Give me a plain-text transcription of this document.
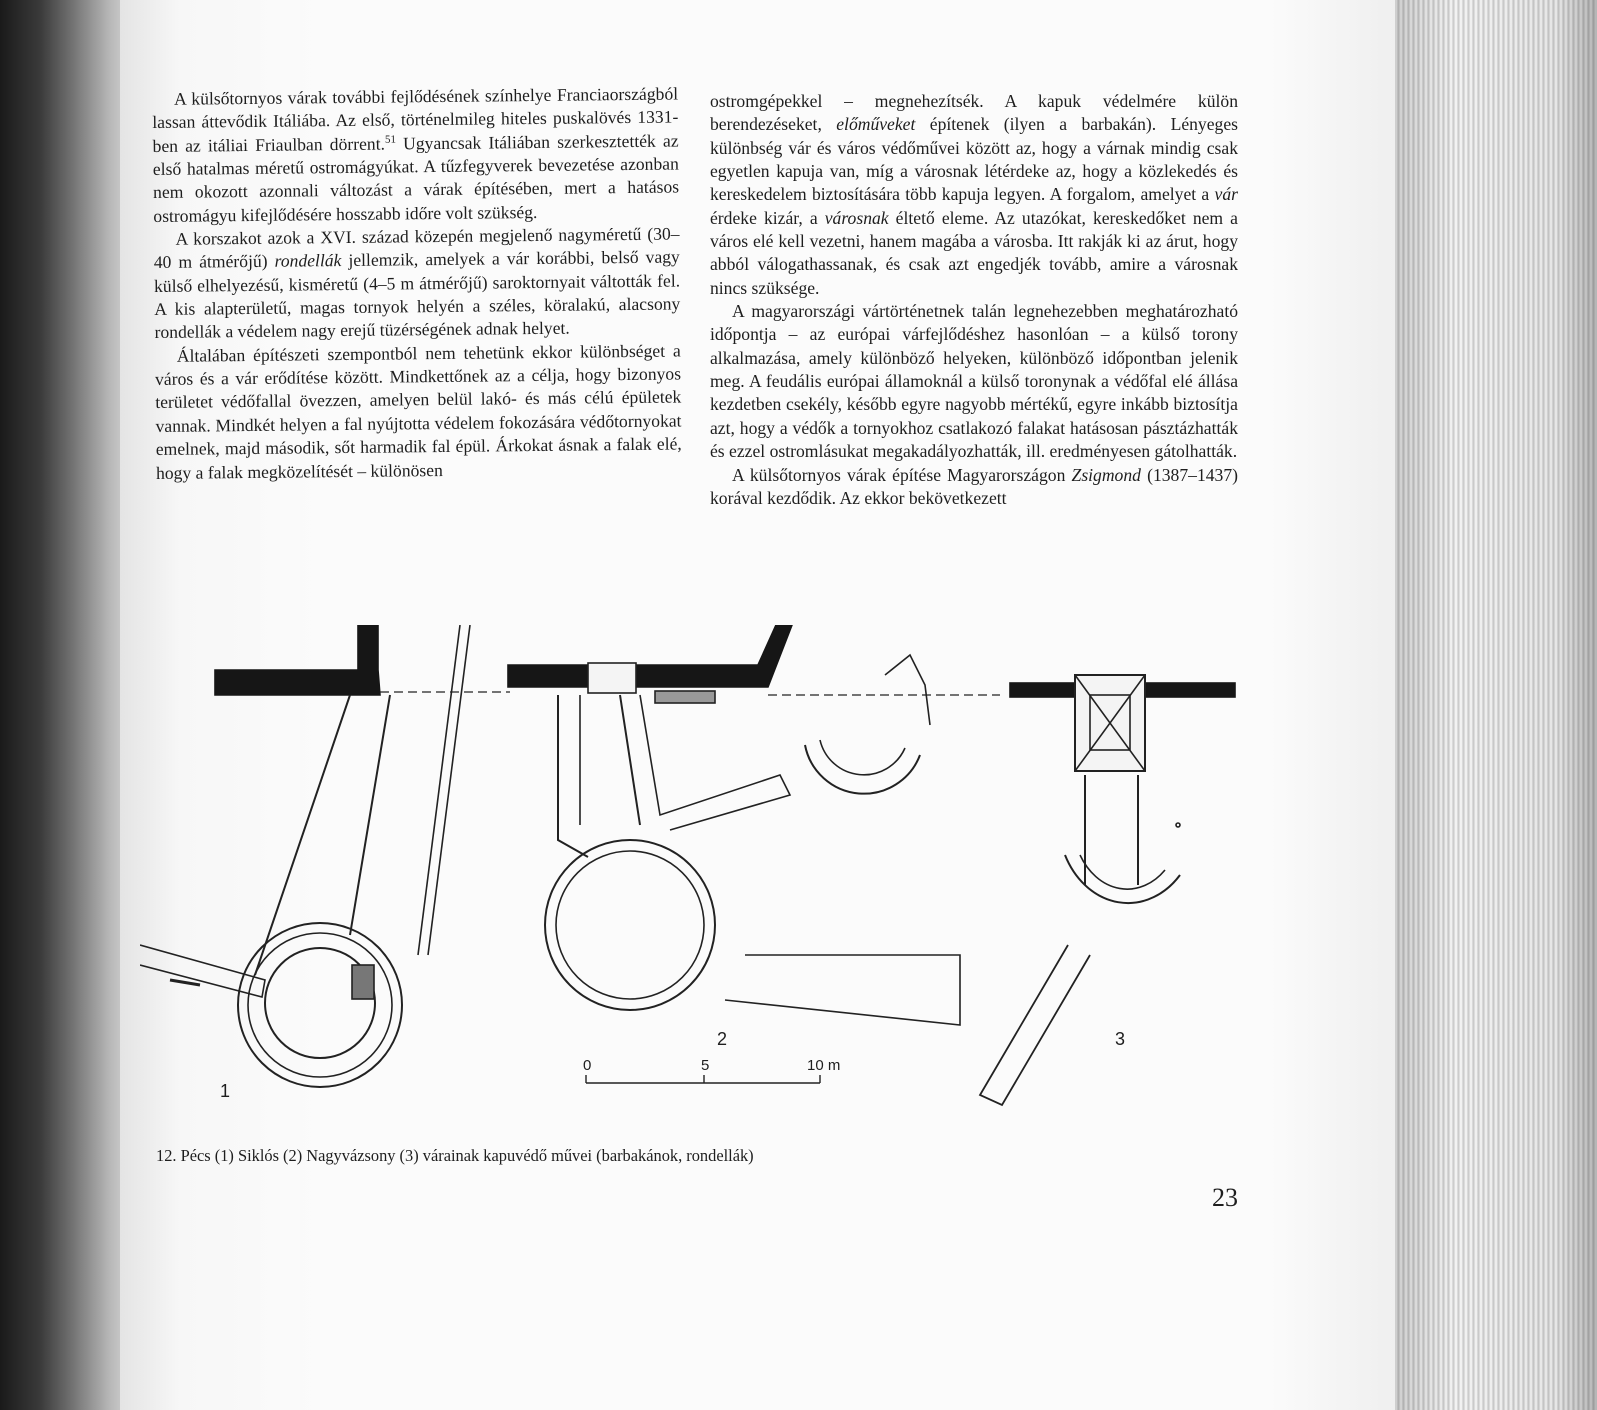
A külsőtornyos várak további fejlődésének színhelye Franciaországból lassan áttevődik Itáliába. Az első, történelmileg hiteles puskalövés 1331-ben az itáliai Friaulban dörrent.$^{51}$ Ugyancsak Itáliában szerkesztették az első hatalmas méretű ostromágyúkat. A tűzfegyverek bevezetése azonban nem okozott azonnali változást a várak építésében, mert a hatásos ostromágyu kifejlődésére hosszabb időre volt szükség.

A korszakot azok a XVI. század közepén megjelenő nagyméretű (30–40 m átmérőjű) rondellák jellemzik, amelyek a vár korábbi, belső vagy külső elhelyezésű, kisméretű (4–5 m átmérőjű) saroktornyait váltották fel. A kis alapterületű, magas tornyok helyén a széles, köralakú, alacsony rondellák a védelem nagy erejű tüzérségének adnak helyet.

Általában építészeti szempontból nem tehetünk ekkor különbséget a város és a vár erődítése között. Mindkettőnek az a célja, hogy bizonyos területet védőfallal övezzen, amelyen belül lakó- és más célú épületek vannak. Mindkét helyen a fal nyújtotta védelem fokozására védőtornyokat emelnek, majd második, sőt harmadik fal épül. Árkokat ásnak a falak elé, hogy a falak megközelítését – különösen

ostromgépekkel – megnehezítsék. A kapuk védelmére külön berendezéseket, előműveket építenek (ilyen a barbakán). Lényeges különbség vár és város védőművei között az, hogy a várnak mindig csak egyetlen kapuja van, míg a városnak létérdeke az, hogy a közlekedés és kereskedelem biztosítására több kapuja legyen. A forgalom, amelyet a vár érdeke kizár, a városnak éltető eleme. Az utazókat, kereskedőket nem a város elé kell vezetni, hanem magába a városba. Itt rakják ki az árut, hogy abból válogathassanak, és csak azt engedjék tovább, amire a városnak nincs szüksége.

A magyarországi vártörténetnek talán legnehezebben meghatározható időpontja – az európai várfejlődéshez hasonlóan – a külső torony alkalmazása, amely különböző helyeken, különböző időpontban jelenik meg. A feudális európai államoknál a külső toronynak a védőfal elé állása kezdetben csekély, később egyre nagyobb mértékű, egyre inkább biztosítja azt, hogy a védők a tornyokhoz csatlakozó falakat hatásosan pásztázhatták és ezzel ostromlásukat megakadályozhatták, ill. eredményesen gátolhatták.

A külsőtornyos várak építése Magyarországon Zsigmond (1387–1437) korával kezdődik. Az ekkor bekövetkezett

1
2	3
0	5	10 m
12. Pécs (1) Siklós (2) Nagyvázsony (3) várainak kapuvédő művei (barbakánok, rondellák)
23
